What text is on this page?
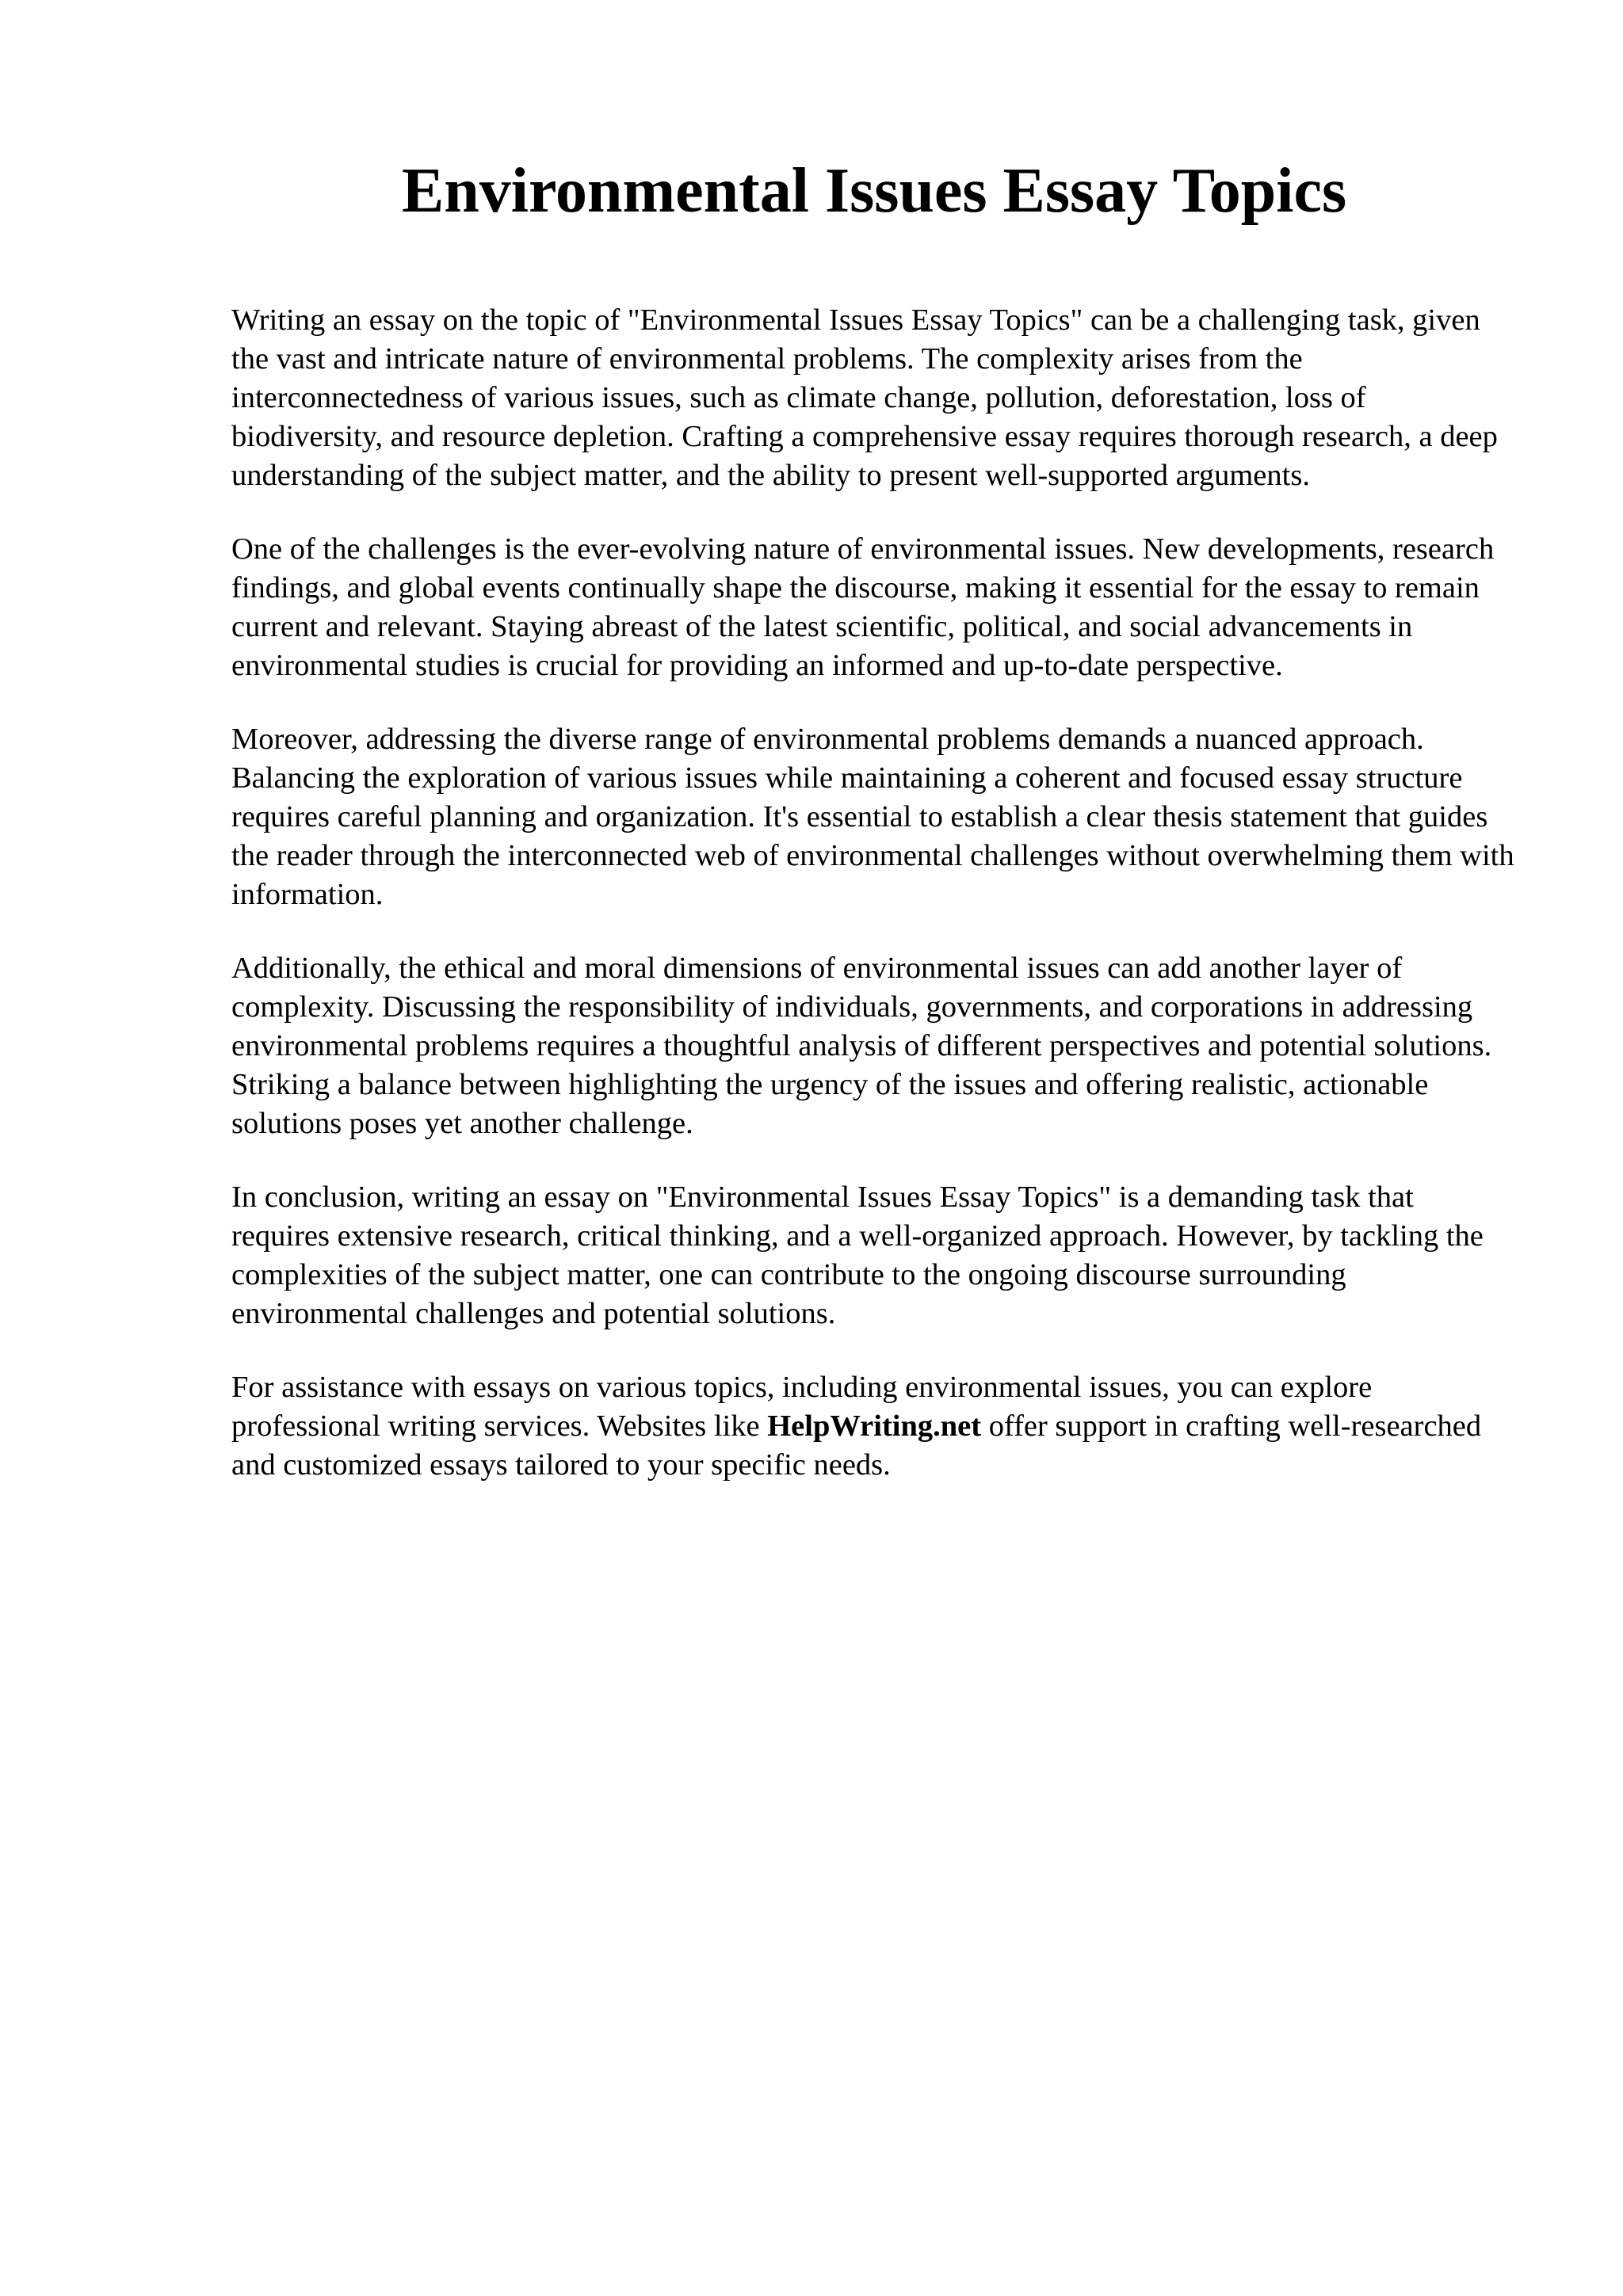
Environmental Issues Essay Topics

Writing an essay on the topic of "Environmental Issues Essay Topics" can be a challenging task, given the vast and intricate nature of environmental problems. The complexity arises from the interconnectedness of various issues, such as climate change, pollution, deforestation, loss of biodiversity, and resource depletion. Crafting a comprehensive essay requires thorough research, a deep understanding of the subject matter, and the ability to present well-supported arguments.

One of the challenges is the ever-evolving nature of environmental issues. New developments, research findings, and global events continually shape the discourse, making it essential for the essay to remain current and relevant. Staying abreast of the latest scientific, political, and social advancements in environmental studies is crucial for providing an informed and up-to-date perspective.

Moreover, addressing the diverse range of environmental problems demands a nuanced approach. Balancing the exploration of various issues while maintaining a coherent and focused essay structure requires careful planning and organization. It's essential to establish a clear thesis statement that guides the reader through the interconnected web of environmental challenges without overwhelming them with information.

Additionally, the ethical and moral dimensions of environmental issues can add another layer of complexity. Discussing the responsibility of individuals, governments, and corporations in addressing environmental problems requires a thoughtful analysis of different perspectives and potential solutions. Striking a balance between highlighting the urgency of the issues and offering realistic, actionable solutions poses yet another challenge.

In conclusion, writing an essay on "Environmental Issues Essay Topics" is a demanding task that requires extensive research, critical thinking, and a well-organized approach. However, by tackling the complexities of the subject matter, one can contribute to the ongoing discourse surrounding environmental challenges and potential solutions.

For assistance with essays on various topics, including environmental issues, you can explore professional writing services. Websites like HelpWriting.net offer support in crafting well-researched and customized essays tailored to your specific needs.
